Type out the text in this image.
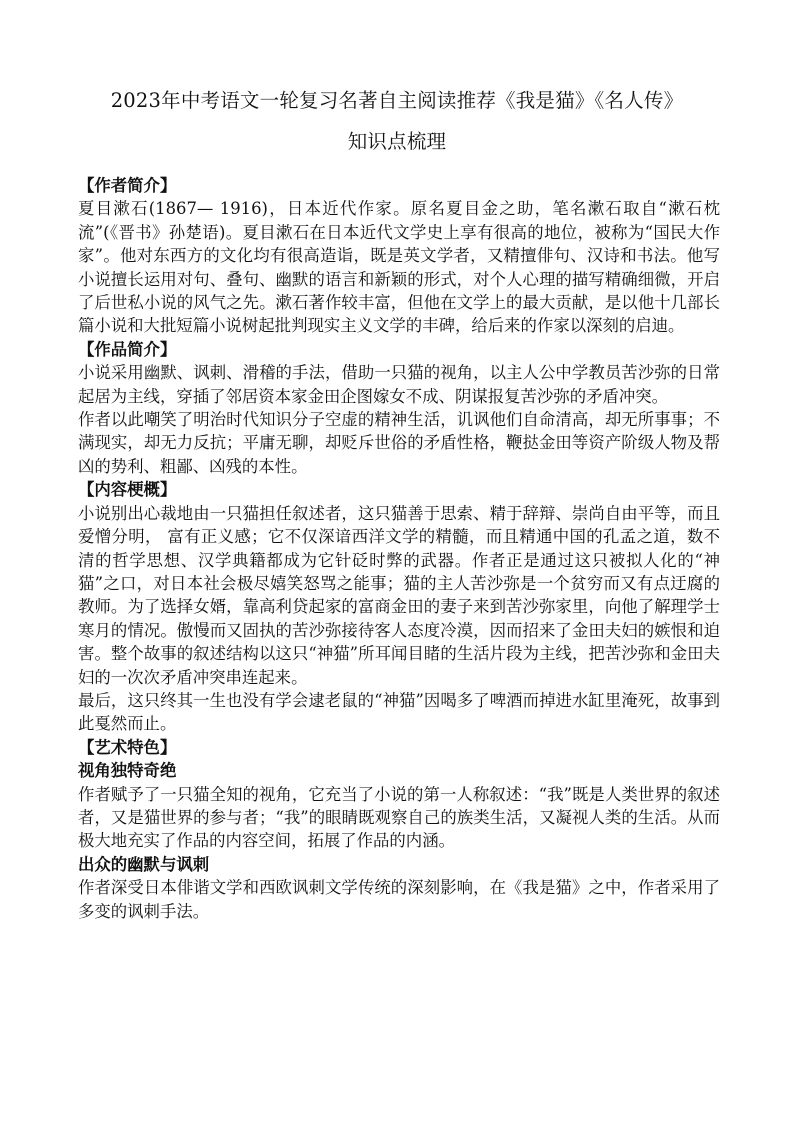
2023年中考语文一轮复习名著自主阅读推荐《我是猫》《名人传》
知识点梳理
【作者简介】

夏目漱石(1867— 1916)，日本近代作家。原名夏目金之助，笔名漱石取自“漱石枕流”(《晋书》孙楚语)。夏目漱石在日本近代文学史上享有很高的地位，被称为“国民大作家”。他对东西方的文化均有很高造诣，既是英文学者，又精擅俳句、汉诗和书法。他写小说擅长运用对句、叠句、幽默的语言和新颖的形式，对个人心理的描写精确细微，开启了后世私小说的风气之先。漱石著作较丰富，但他在文学上的最大贡献，是以他十几部长篇小说和大批短篇小说树起批判现实主义文学的丰碑，给后来的作家以深刻的启迪。

【作品简介】

小说采用幽默、讽刺、滑稽的手法，借助一只猫的视角，以主人公中学教员苦沙弥的日常起居为主线，穿插了邻居资本家金田企图嫁女不成、阴谋报复苦沙弥的矛盾冲突。

作者以此嘲笑了明治时代知识分子空虚的精神生活，讥讽他们自命清高，却无所事事；不满现实，却无力反抗；平庸无聊，却贬斥世俗的矛盾性格，鞭挞金田等资产阶级人物及帮凶的势利、粗鄙、凶残的本性。

【内容梗概】

小说别出心裁地由一只猫担任叙述者，这只猫善于思索、精于辞辩、崇尚自由平等，而且爱憎分明， 富有正义感；它不仅深谙西洋文学的精髓，而且精通中国的孔孟之道，数不清的哲学思想、汉学典籍都成为它针砭时弊的武器。作者正是通过这只被拟人化的“神猫”之口，对日本社会极尽嬉笑怒骂之能事；猫的主人苦沙弥是一个贫穷而又有点迂腐的教师。为了选择女婿，靠高利贷起家的富商金田的妻子来到苦沙弥家里，向他了解理学士寒月的情况。傲慢而又固执的苦沙弥接待客人态度冷漠，因而招来了金田夫妇的嫉恨和迫害。整个故事的叙述结构以这只“神猫”所耳闻目睹的生活片段为主线，把苦沙弥和金田夫妇的一次次矛盾冲突串连起来。

最后，这只终其一生也没有学会逮老鼠的“神猫”因喝多了啤酒而掉进水缸里淹死，故事到此戛然而止。

【艺术特色】
视角独特奇绝

作者赋予了一只猫全知的视角，它充当了小说的第一人称叙述：“我”既是人类世界的叙述者，又是猫世界的参与者；“我”的眼睛既观察自己的族类生活，又凝视人类的生活。从而极大地充实了作品的内容空间，拓展了作品的内涵。

出众的幽默与讽刺

作者深受日本俳谐文学和西欧讽刺文学传统的深刻影响，在《我是猫》之中，作者采用了多变的讽刺手法。
